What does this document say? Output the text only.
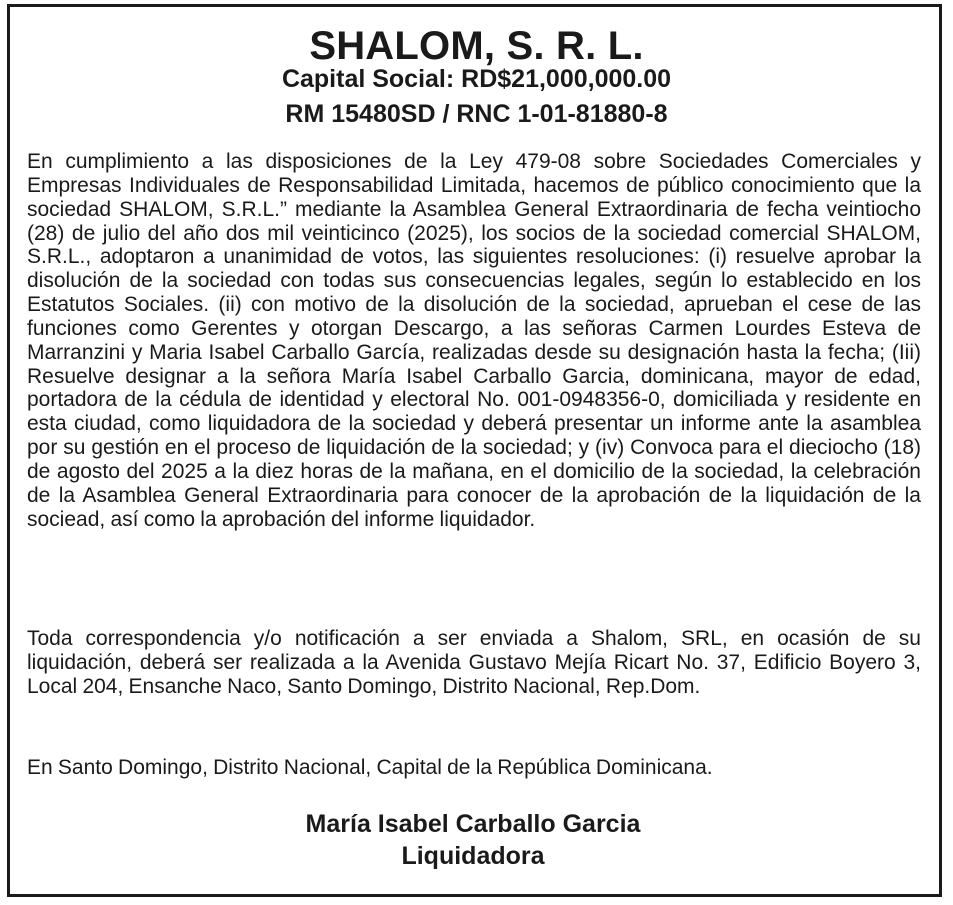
SHALOM, S. R. L.
Capital Social: RD$21,000,000.00
RM 15480SD / RNC 1-01-81880-8

En cumplimiento a las disposiciones de la Ley 479-08 sobre Sociedades Comerciales y Empresas Individuales de Responsabilidad Limitada, hacemos de público conocimiento que la sociedad SHALOM, S.R.L.” mediante la Asamblea General Extraordinaria de fecha veintiocho (28) de julio del año dos mil veinticinco (2025), los socios de la sociedad comercial SHALOM, S.R.L., adoptaron a unanimidad de votos, las siguientes resoluciones: (i) resuelve aprobar la disolución de la sociedad con todas sus consecuencias legales, según lo establecido en los Estatutos Sociales. (ii) con motivo de la disolución de la sociedad, aprueban el cese de las funciones como Gerentes y otorgan Descargo, a las señoras Carmen Lourdes Esteva de Marranzini y Maria Isabel Carballo García, realizadas desde su designación hasta la fecha; (Iii) Resuelve designar a la señora María Isabel Carballo Garcia, dominicana, mayor de edad, portadora de la cédula de identidad y electoral No. 001-0948356-0, domiciliada y residente en esta ciudad, como liquidadora de la sociedad y deberá presentar un informe ante la asamblea por su gestión en el proceso de liquidación de la sociedad; y (iv) Convoca para el dieciocho (18) de agosto del 2025 a la diez horas de la mañana, en el domicilio de la sociedad, la celebración de la Asamblea General Extraordinaria para conocer de la aprobación de la liquidación de la sociead, así como la aprobación del informe liquidador.

Toda correspondencia y/o notificación a ser enviada a Shalom, SRL, en ocasión de su liquidación, deberá ser realizada a la Avenida Gustavo Mejía Ricart No. 37, Edificio Boyero 3, Local 204, Ensanche Naco, Santo Domingo, Distrito Nacional, Rep.Dom.

En Santo Domingo, Distrito Nacional, Capital de la República Dominicana.

María Isabel Carballo Garcia
Liquidadora
